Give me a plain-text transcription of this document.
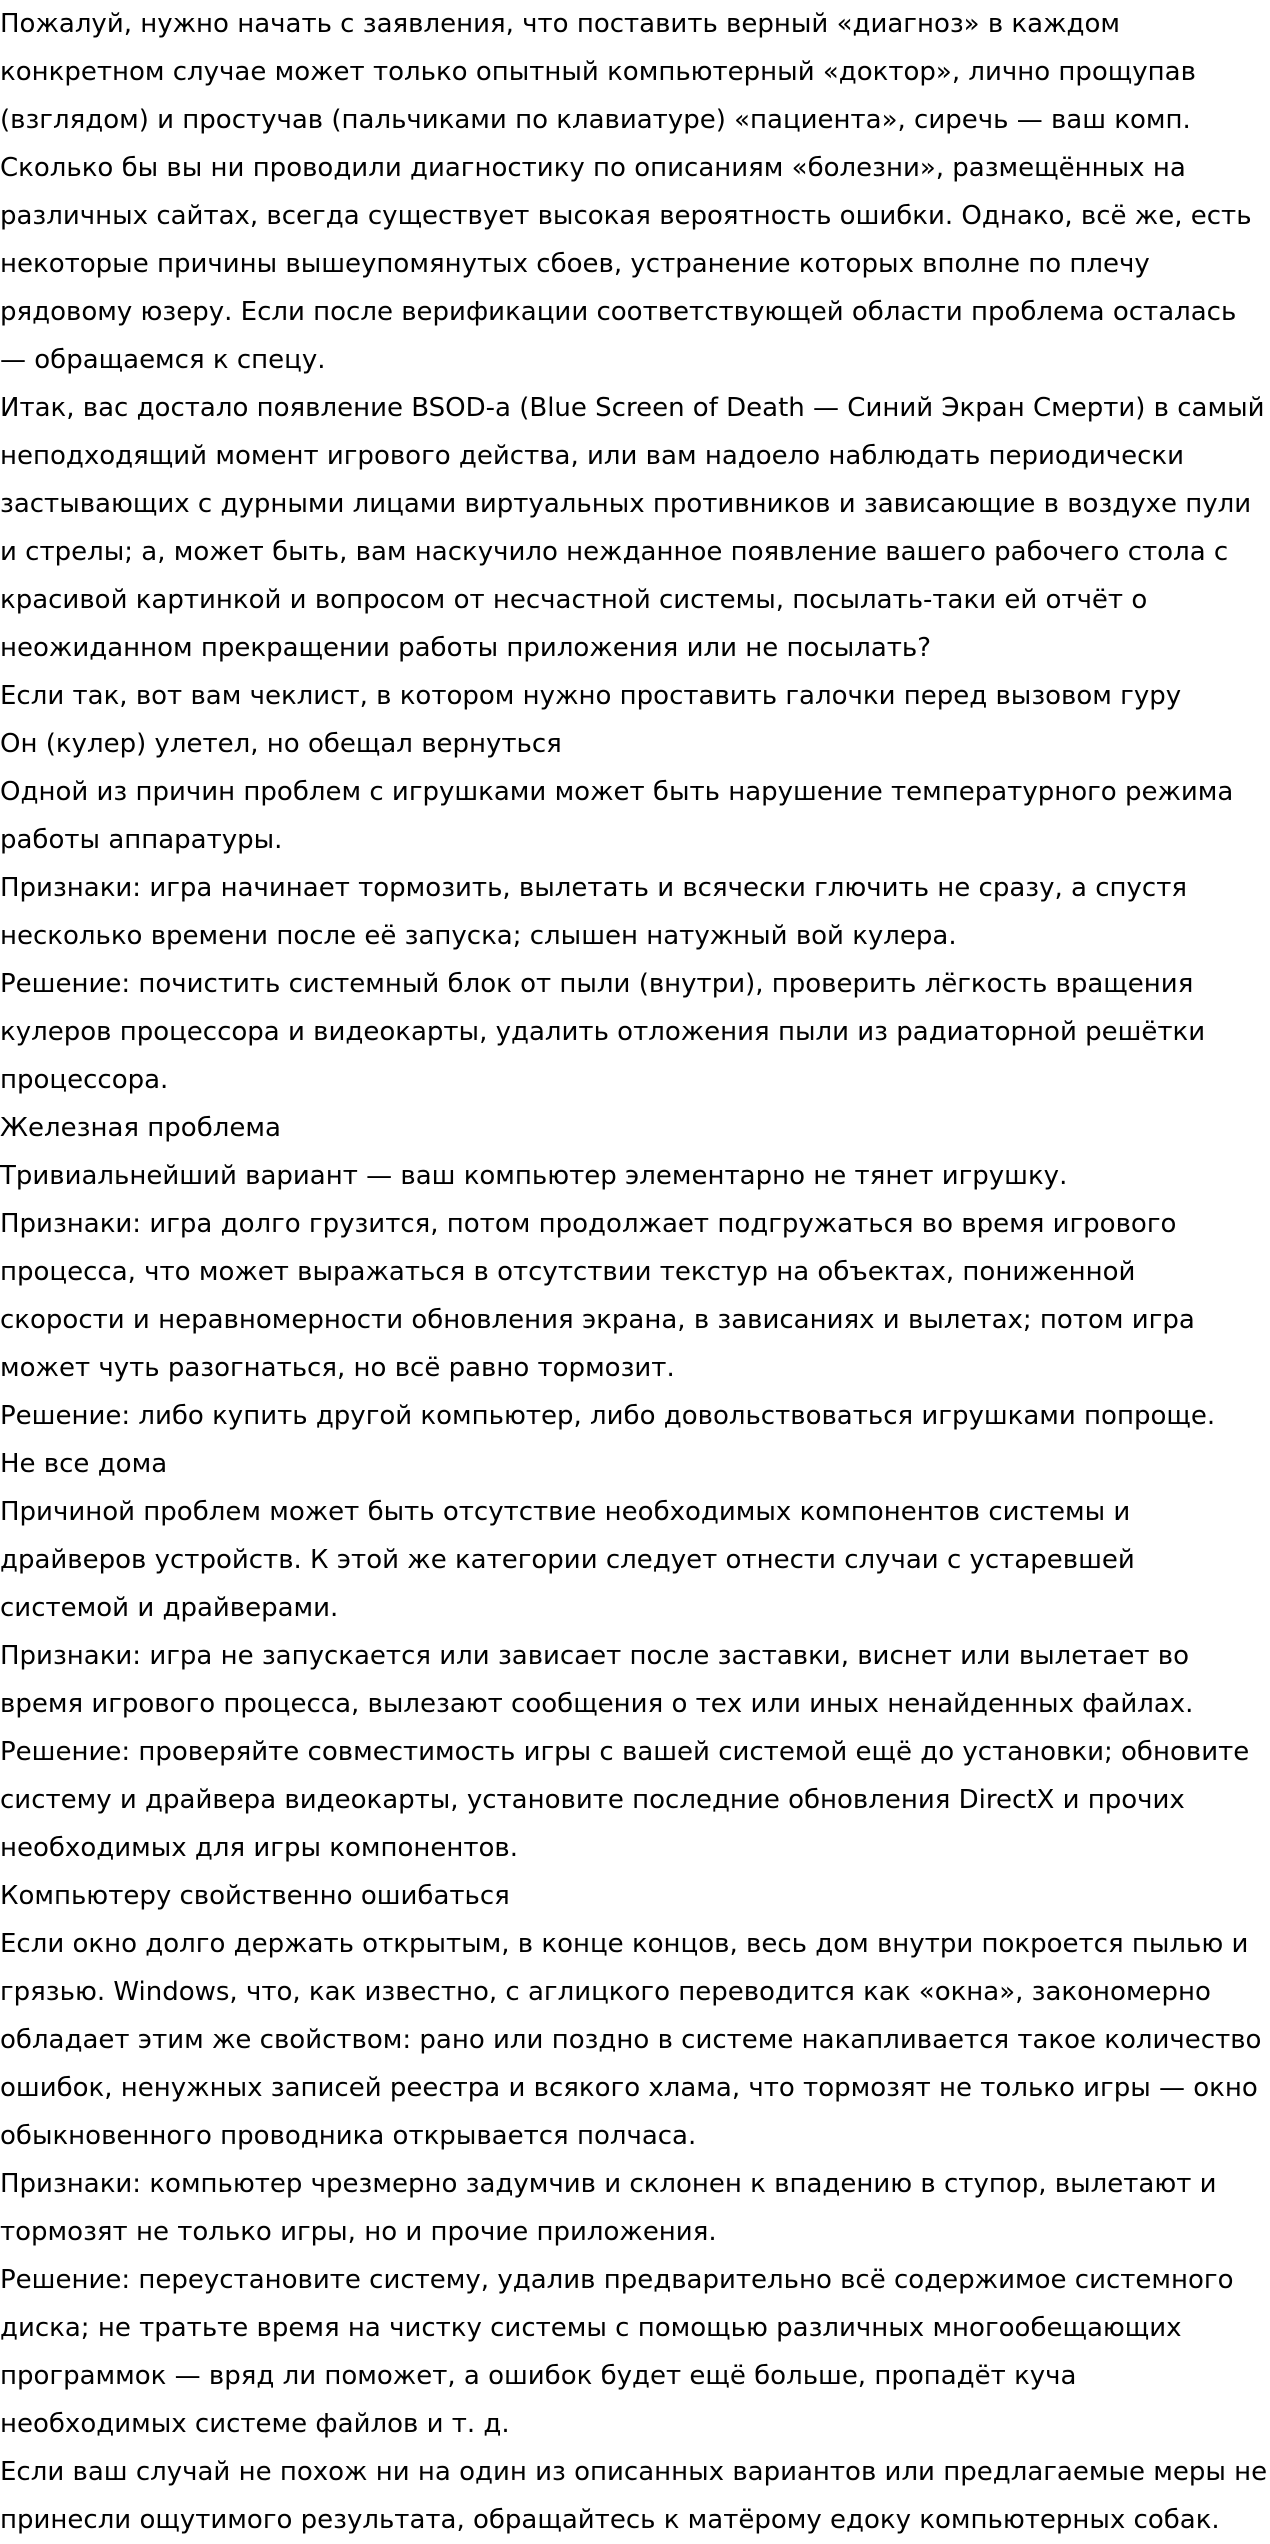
Пожалуй, нужно начать с заявления, что поставить верный «диагноз» в каждом конкретном случае может только опытный компьютерный «доктор», лично прощупав (взглядом) и простучав (пальчиками по клавиатуре) «пациента», сиречь — ваш комп.

Сколько бы вы ни проводили диагностику по описаниям «болезни», размещённых на различных сайтах, всегда существует высокая вероятность ошибки. Однако, всё же, есть некоторые причины вышеупомянутых сбоев, устранение которых вполне по плечу рядовому юзеру. Если после верификации соответствующей области проблема осталась — обращаемся к спецу.

Итак, вас достало появление BSOD-а (Blue Screen of Death — Синий Экран Смерти) в самый неподходящий момент игрового действа, или вам надоело наблюдать периодически застывающих с дурными лицами виртуальных противников и зависающие в воздухе пули и стрелы; а, может быть, вам наскучило нежданное появление вашего рабочего стола с красивой картинкой и вопросом от несчастной системы, посылать-таки ей отчёт о неожиданном прекращении работы приложения или не посылать?

Если так, вот вам чеклист, в котором нужно проставить галочки перед вызовом гуру

Он (кулер) улетел, но обещал вернуться

Одной из причин проблем с игрушками может быть нарушение температурного режима работы аппаратуры.

Признаки: игра начинает тормозить, вылетать и всячески глючить не сразу, а спустя несколько времени после её запуска; слышен натужный вой кулера.

Решение: почистить системный блок от пыли (внутри), проверить лёгкость вращения кулеров процессора и видеокарты, удалить отложения пыли из радиаторной решётки процессора.

Железная проблема

Тривиальнейший вариант — ваш компьютер элементарно не тянет игрушку.

Признаки: игра долго грузится, потом продолжает подгружаться во время игрового процесса, что может выражаться в отсутствии текстур на объектах, пониженной скорости и неравномерности обновления экрана, в зависаниях и вылетах; потом игра может чуть разогнаться, но всё равно тормозит.

Решение: либо купить другой компьютер, либо довольствоваться игрушками попроще.

Не все дома

Причиной проблем может быть отсутствие необходимых компонентов системы и драйверов устройств. К этой же категории следует отнести случаи с устаревшей системой и драйверами.

Признаки: игра не запускается или зависает после заставки, виснет или вылетает во время игрового процесса, вылезают сообщения о тех или иных ненайденных файлах.

Решение: проверяйте совместимость игры с вашей системой ещё до установки; обновите систему и драйвера видеокарты, установите последние обновления DirectX и прочих необходимых для игры компонентов.

Компьютеру свойственно ошибаться

Если окно долго держать открытым, в конце концов, весь дом внутри покроется пылью и грязью. Windows, что, как известно, с аглицкого переводится как «окна», закономерно обладает этим же свойством: рано или поздно в системе накапливается такое количество ошибок, ненужных записей реестра и всякого хлама, что тормозят не только игры — окно обыкновенного проводника открывается полчаса.

Признаки: компьютер чрезмерно задумчив и склонен к впадению в ступор, вылетают и тормозят не только игры, но и прочие приложения.

Решение: переустановите систему, удалив предварительно всё содержимое системного диска; не тратьте время на чистку системы с помощью различных многообещающих программок — вряд ли поможет, а ошибок будет ещё больше, пропадёт куча необходимых системе файлов и т. д.

Если ваш случай не похож ни на один из описанных вариантов или предлагаемые меры не принесли ощутимого результата, обращайтесь к матёрому едоку компьютерных собак.
